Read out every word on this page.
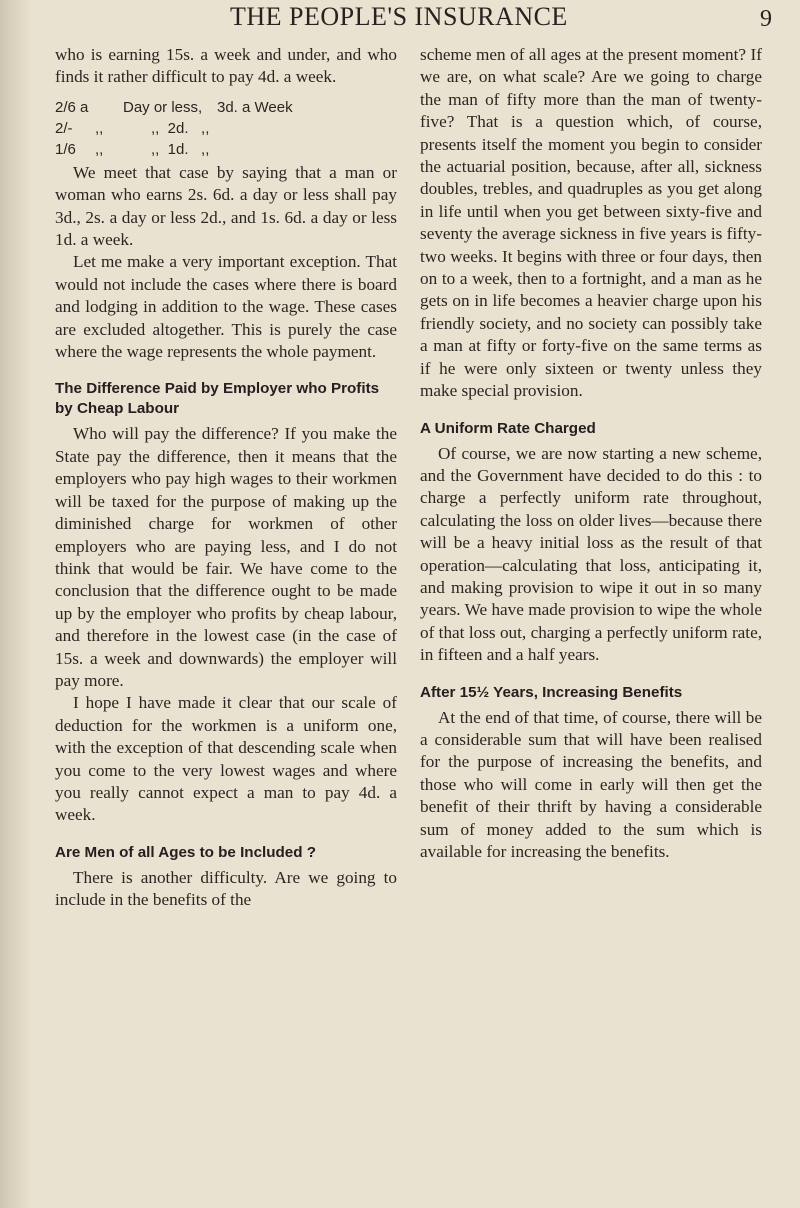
THE PEOPLE'S INSURANCE	9

who is earning 15s. a week and under, and who finds it rather difficult to pay 4d. a week.

2/6 a	Day or less, 3d. a Week
2/-	,,	,,  2d.   ,,
1/6	,,	,,  1d.   ,,

We meet that case by saying that a man or woman who earns 2s. 6d. a day or less shall pay 3d., 2s. a day or less 2d., and 1s. 6d. a day or less 1d. a week.

Let me make a very important exception. That would not include the cases where there is board and lodging in addition to the wage. These cases are excluded altogether. This is purely the case where the wage represents the whole payment.

The Difference Paid by Employer who Profits by Cheap Labour

Who will pay the difference? If you make the State pay the difference, then it means that the employers who pay high wages to their workmen will be taxed for the purpose of making up the diminished charge for workmen of other employers who are paying less, and I do not think that would be fair. We have come to the conclusion that the difference ought to be made up by the employer who profits by cheap labour, and therefore in the lowest case (in the case of 15s. a week and downwards) the employer will pay more.

I hope I have made it clear that our scale of deduction for the workmen is a uniform one, with the exception of that descending scale when you come to the very lowest wages and where you really cannot expect a man to pay 4d. a week.

Are Men of all Ages to be Included ?

There is another difficulty. Are we going to include in the benefits of the

scheme men of all ages at the present moment? If we are, on what scale? Are we going to charge the man of fifty more than the man of twenty-five? That is a question which, of course, presents itself the moment you begin to consider the actuarial position, because, after all, sickness doubles, trebles, and quadruples as you get along in life until when you get between sixty-five and seventy the average sickness in five years is fifty-two weeks. It begins with three or four days, then on to a week, then to a fortnight, and a man as he gets on in life becomes a heavier charge upon his friendly society, and no society can possibly take a man at fifty or forty-five on the same terms as if he were only sixteen or twenty unless they make special provision.

A Uniform Rate Charged

Of course, we are now starting a new scheme, and the Government have decided to do this : to charge a perfectly uniform rate throughout, calculating the loss on older lives—because there will be a heavy initial loss as the result of that operation—calculating that loss, anticipating it, and making provision to wipe it out in so many years. We have made provision to wipe the whole of that loss out, charging a perfectly uniform rate, in fifteen and a half years.

After 15½ Years, Increasing Benefits

At the end of that time, of course, there will be a considerable sum that will have been realised for the purpose of increasing the benefits, and those who will come in early will then get the benefit of their thrift by having a considerable sum of money added to the sum which is available for increasing the benefits.
